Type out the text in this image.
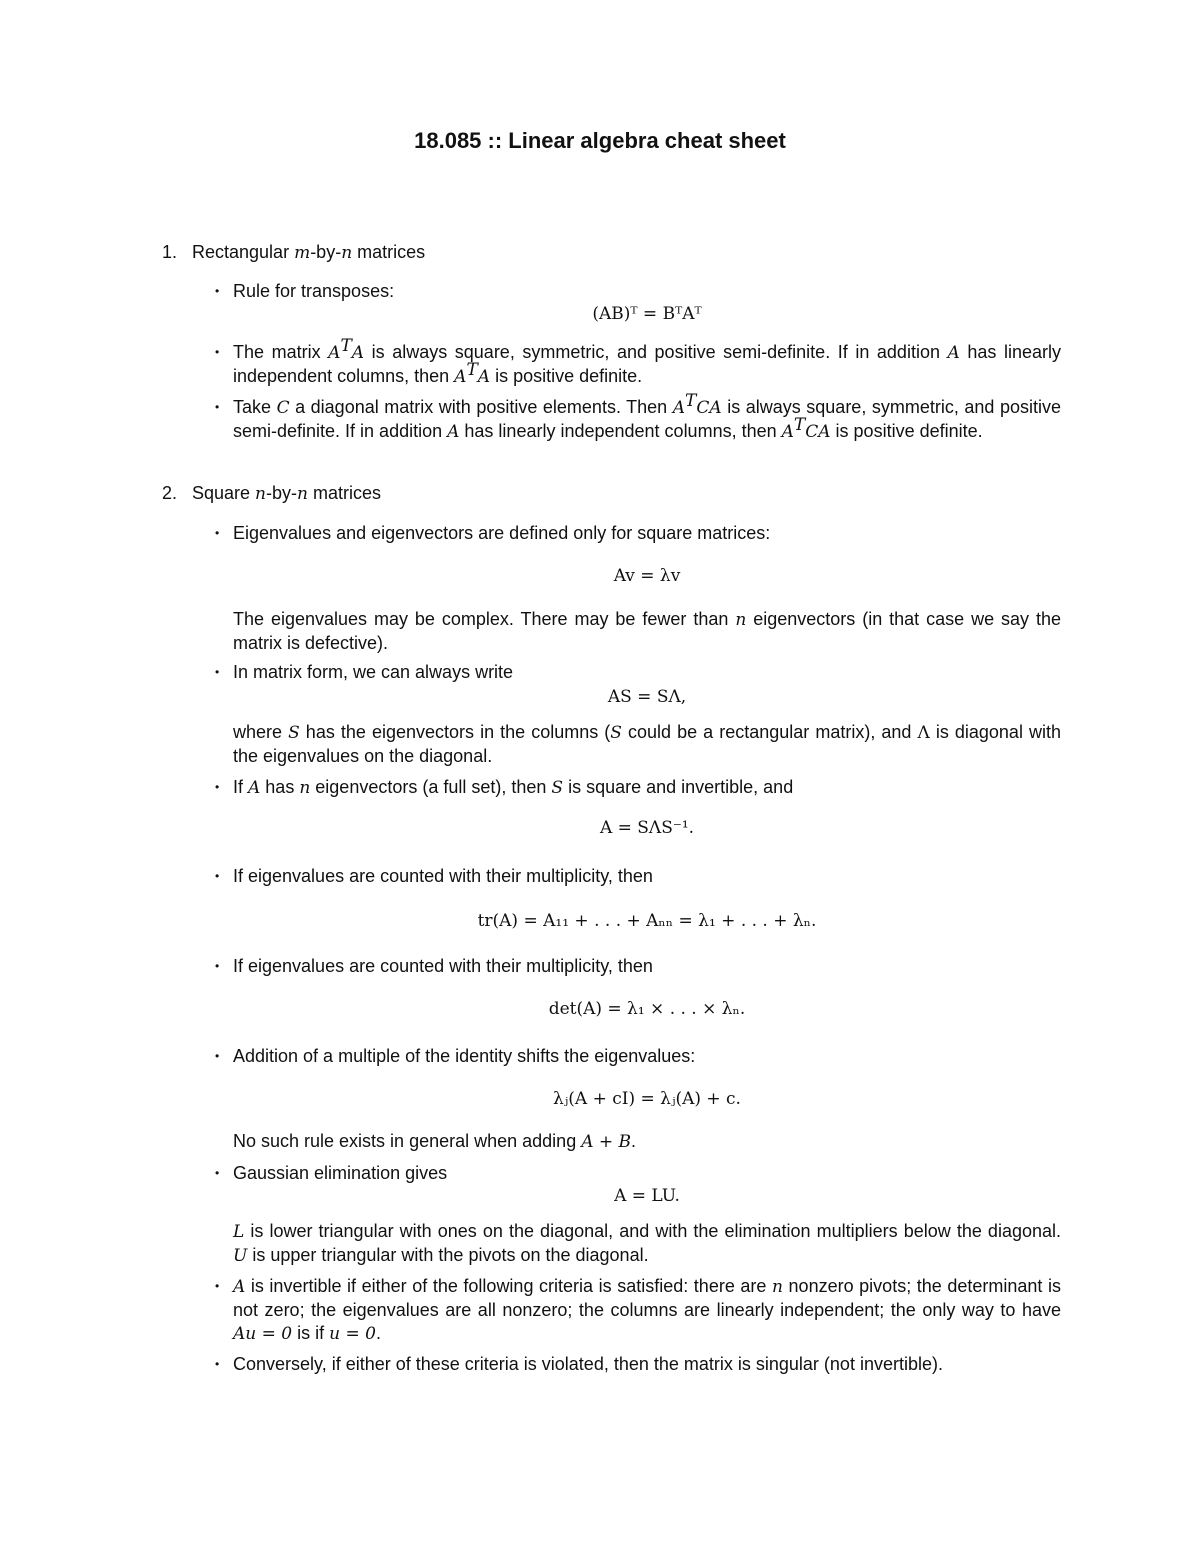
18.085 :: Linear algebra cheat sheet
1. Rectangular m-by-n matrices
• Rule for transposes:
(AB)ᵀ = BᵀAᵀ
• The matrix $A^TA$ is always square, symmetric, and positive semi-definite. If in addition A has linearly independent columns, then $A^TA$ is positive definite.
• Take C a diagonal matrix with positive elements. Then $A^TCA$ is always square, symmetric, and positive semi-definite. If in addition A has linearly independent columns, then $A^TCA$ is positive definite.
2. Square n-by-n matrices
• Eigenvalues and eigenvectors are defined only for square matrices:
Av = λv
The eigenvalues may be complex. There may be fewer than n eigenvectors (in that case we say the matrix is defective).
• In matrix form, we can always write
AS = SΛ,
where S has the eigenvectors in the columns (S could be a rectangular matrix), and Λ is diagonal with the eigenvalues on the diagonal.
• If A has n eigenvectors (a full set), then S is square and invertible, and
A = SΛS⁻¹.
• If eigenvalues are counted with their multiplicity, then
tr(A) = A₁₁ + . . . + Aₙₙ = λ₁ + . . . + λₙ.
• If eigenvalues are counted with their multiplicity, then
det(A) = λ₁ × . . . × λₙ.
• Addition of a multiple of the identity shifts the eigenvalues:
λⱼ(A + cI) = λⱼ(A) + c.
No such rule exists in general when adding A + B.
• Gaussian elimination gives
A = LU.
L is lower triangular with ones on the diagonal, and with the elimination multipliers below the diagonal. U is upper triangular with the pivots on the diagonal.
• A is invertible if either of the following criteria is satisfied: there are n nonzero pivots; the determinant is not zero; the eigenvalues are all nonzero; the columns are linearly independent; the only way to have Au = 0 is if u = 0.
• Conversely, if either of these criteria is violated, then the matrix is singular (not invertible).
